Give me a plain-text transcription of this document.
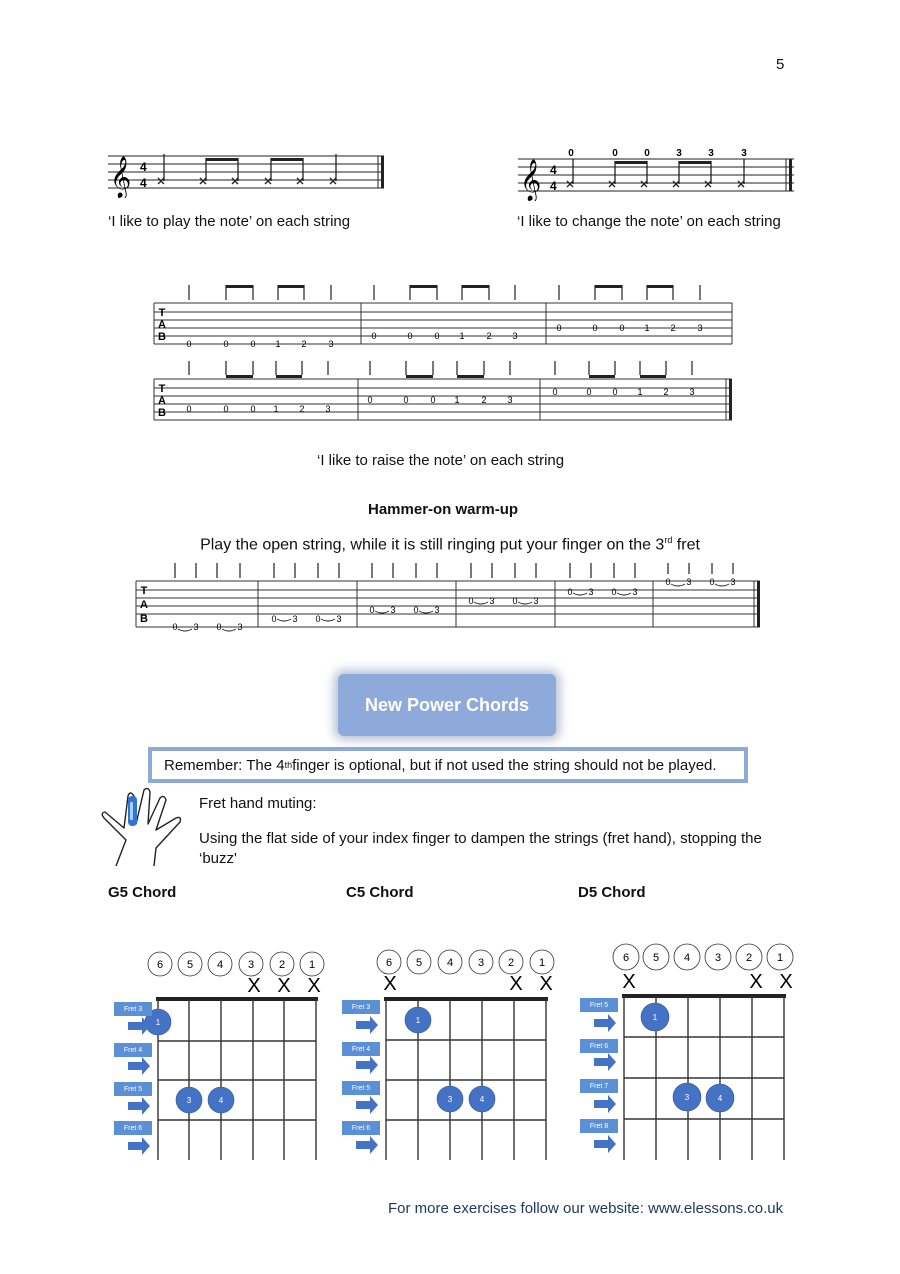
5
𝄞 4
4
‘I like to play the note’ on each string
𝄞 4
4
0	0	0	3	3	3
‘I like to change the note’ on each string
T
A
B
T
A
B
0	0 0 1 2 3
0	0 0 1 2 3
0	0 0 1 2 3
0	0 0 1 2 3
0	0 0 1 2 3
0	0 0 1 2 3
‘I like to raise the note’ on each string
Hammer-on warm-up
Play the open string, while it is still ringing put your finger on the 3rd fret
T
A
B
0 3 0 3
0 3 0 3
0 3 0 3
0 3 0 3
0 3 0 3
0 3 0 3
New Power Chords
Remember: The 4 th finger is optional, but if not used the string should not be played.
Fret hand muting:
Using the flat side of your index finger to dampen the strings (fret hand), stopping the ‘buzz'
G5 Chord	C5 Chord	D5 Chord
6 5 4 3 2 1
X X X
1
3	4
Fret 3
Fret 4
Fret 5
Fret 6
6 5 4 3 2 1
X	X X
1
3	4
Fret 3
Fret 4
Fret 5
Fret 6
6 5 4 3 2 1
X	X X
1
3	4
Fret 5
Fret 6
Fret 7
Fret 8
For more exercises follow our website: www.elessons.co.uk
